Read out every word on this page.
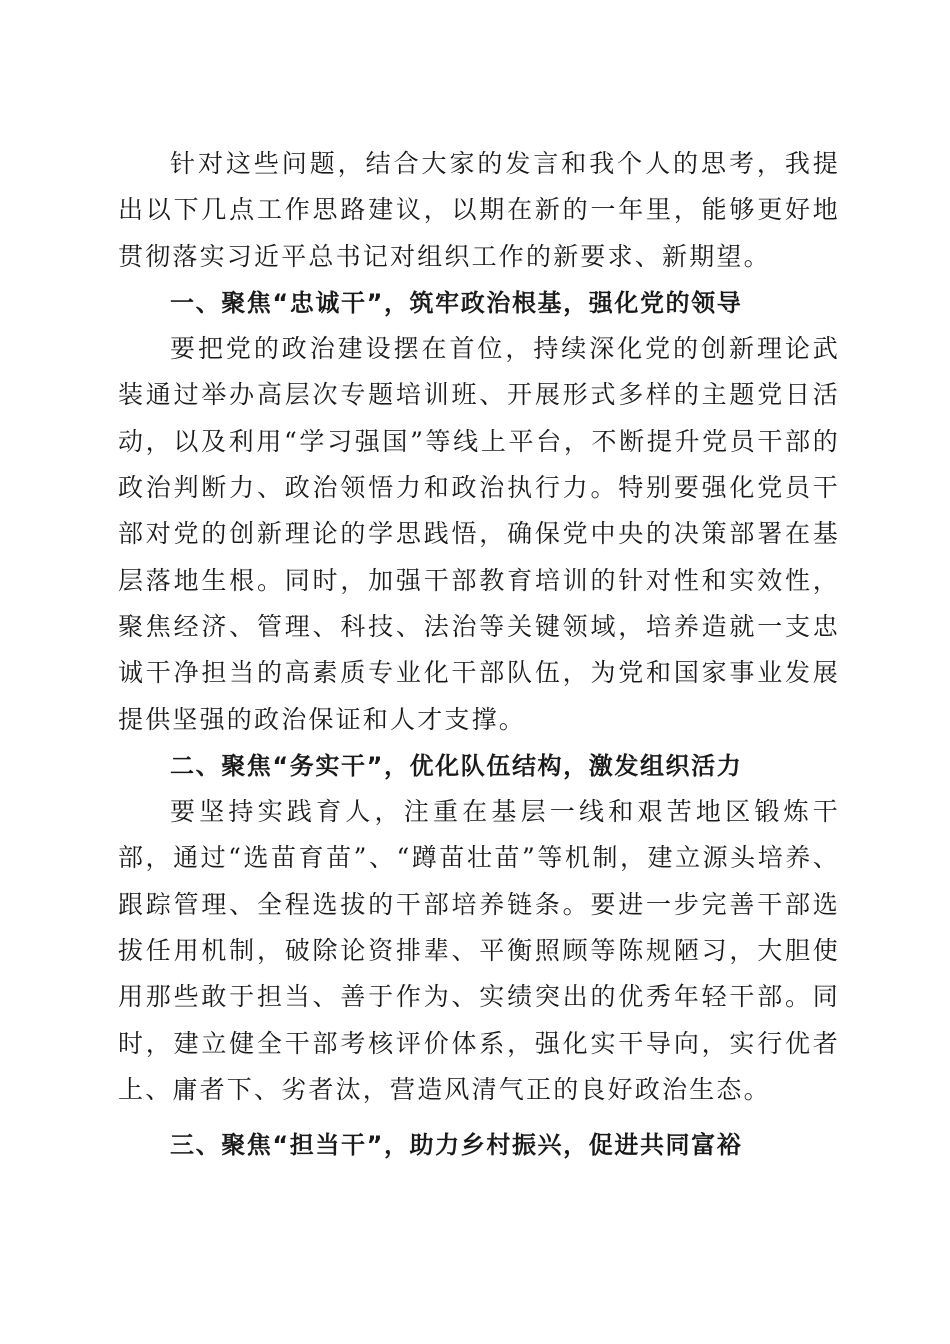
针对这些问题，结合大家的发言和我个人的思考，我提出以下几点工作思路建议，以期在新的一年里，能够更好地贯彻落实习近平总书记对组织工作的新要求、新期望。

一、聚焦“忠诚干”，筑牢政治根基，强化党的领导

要把党的政治建设摆在首位，持续深化党的创新理论武装通过举办高层次专题培训班、开展形式多样的主题党日活动，以及利用“学习强国”等线上平台，不断提升党员干部的政治判断力、政治领悟力和政治执行力。特别要强化党员干部对党的创新理论的学思践悟，确保党中央的决策部署在基层落地生根。同时，加强干部教育培训的针对性和实效性，聚焦经济、管理、科技、法治等关键领域，培养造就一支忠诚干净担当的高素质专业化干部队伍，为党和国家事业发展提供坚强的政治保证和人才支撑。

二、聚焦“务实干”，优化队伍结构，激发组织活力

要坚持实践育人，注重在基层一线和艰苦地区锻炼干部，通过“选苗育苗”、“蹲苗壮苗”等机制，建立源头培养、跟踪管理、全程选拔的干部培养链条。要进一步完善干部选拔任用机制，破除论资排辈、平衡照顾等陈规陋习，大胆使用那些敢于担当、善于作为、实绩突出的优秀年轻干部。同时，建立健全干部考核评价体系，强化实干导向，实行优者上、庸者下、劣者汰，营造风清气正的良好政治生态。

三、聚焦“担当干”，助力乡村振兴，促进共同富裕
